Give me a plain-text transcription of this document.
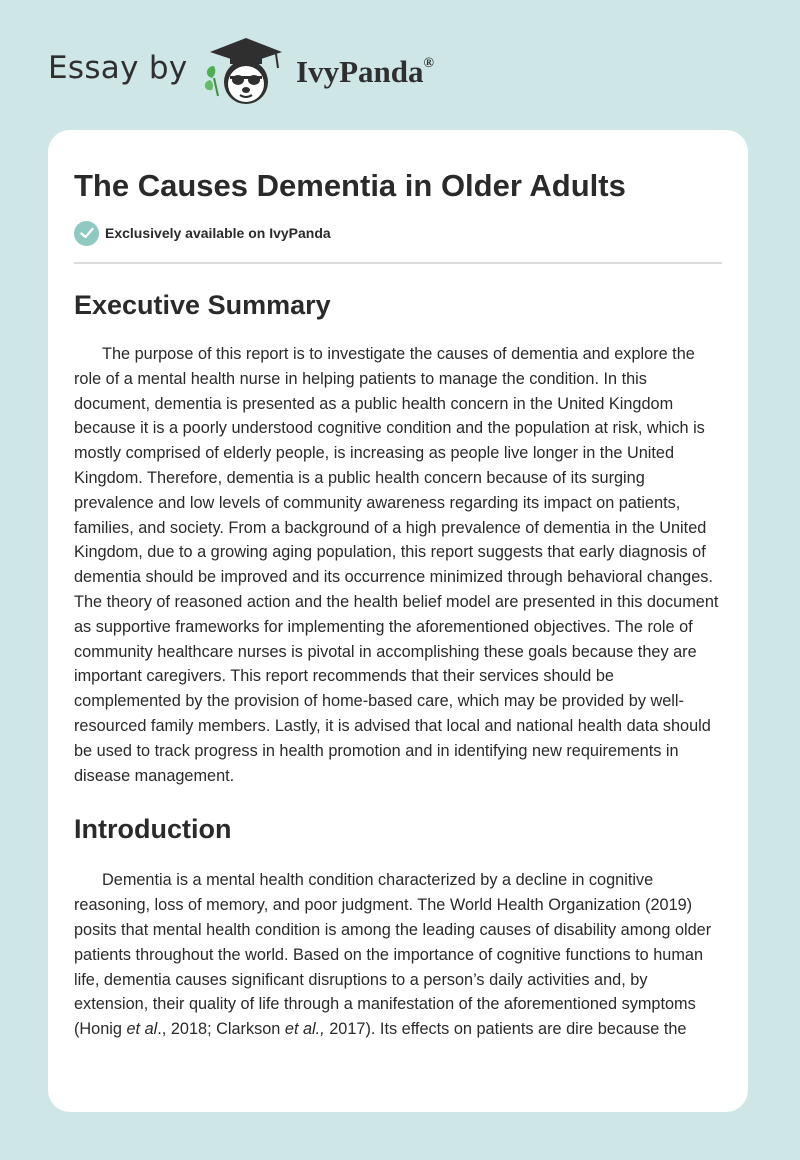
Essay by	IvyPanda®
The Causes Dementia in Older Adults
Exclusively available on IvyPanda
Executive Summary

The purpose of this report is to investigate the causes of dementia and explore the role of a mental health nurse in helping patients to manage the condition. In this document, dementia is presented as a public health concern in the United Kingdom because it is a poorly understood cognitive condition and the population at risk, which is mostly comprised of elderly people, is increasing as people live longer in the United Kingdom. Therefore, dementia is a public health concern because of its surging prevalence and low levels of community awareness regarding its impact on patients, families, and society. From a background of a high prevalence of dementia in the United Kingdom, due to a growing aging population, this report suggests that early diagnosis of dementia should be improved and its occurrence minimized through behavioral changes. The theory of reasoned action and the health belief model are presented in this document as supportive frameworks for implementing the aforementioned objectives. The role of community healthcare nurses is pivotal in accomplishing these goals because they are important caregivers. This report recommends that their services should be complemented by the provision of home-based care, which may be provided by well-resourced family members. Lastly, it is advised that local and national health data should be used to track progress in health promotion and in identifying new requirements in disease management.

Introduction

Dementia is a mental health condition characterized by a decline in cognitive reasoning, loss of memory, and poor judgment. The World Health Organization (2019) posits that mental health condition is among the leading causes of disability among older patients throughout the world. Based on the importance of cognitive functions to human life, dementia causes significant disruptions to a person’s daily activities and, by extension, their quality of life through a manifestation of the aforementioned symptoms (Honig et al., 2018; Clarkson et al., 2017). Its effects on patients are dire because the
